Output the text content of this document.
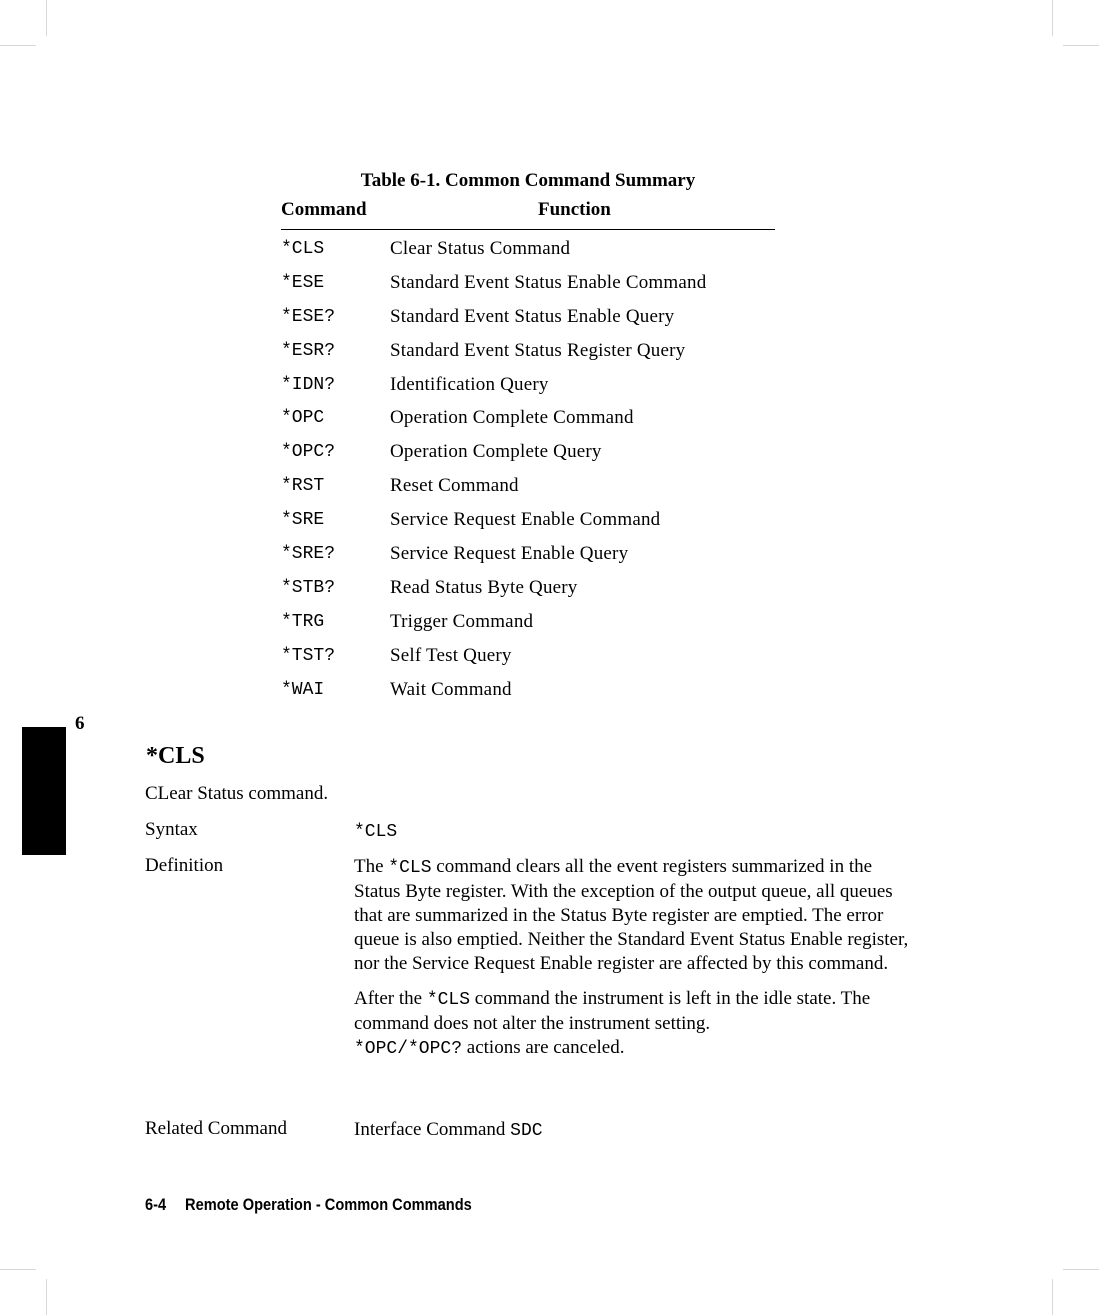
Table 6-1. Common Command Summary
Command	Function
*CLS	Clear Status Command
*ESE	Standard Event Status Enable Command
*ESE?	Standard Event Status Enable Query
*ESR?	Standard Event Status Register Query
*IDN?	Identification Query
*OPC	Operation Complete Command
*OPC?	Operation Complete Query
*RST	Reset Command
*SRE	Service Request Enable Command
*SRE?	Service Request Enable Query
*STB?	Read Status Byte Query
*TRG	Trigger Command
*TST?	Self Test Query
*WAI	Wait Command
6
*CLS
CLear Status command.
Syntax	*CLS
Definition	The *CLS command clears all the event registers summarized in the Status Byte register. With the exception of the output queue, all queues that are summarized in the Status Byte register are emptied. The error queue is also emptied. Neither the Standard Event Status Enable register, nor the Service Request Enable register are affected by this command.

After the *CLS command the instrument is left in the idle state. The command does not alter the instrument setting.
*OPC/*OPC? actions are canceled.

Related Command	Interface Command SDC
6-4 Remote Operation - Common Commands
